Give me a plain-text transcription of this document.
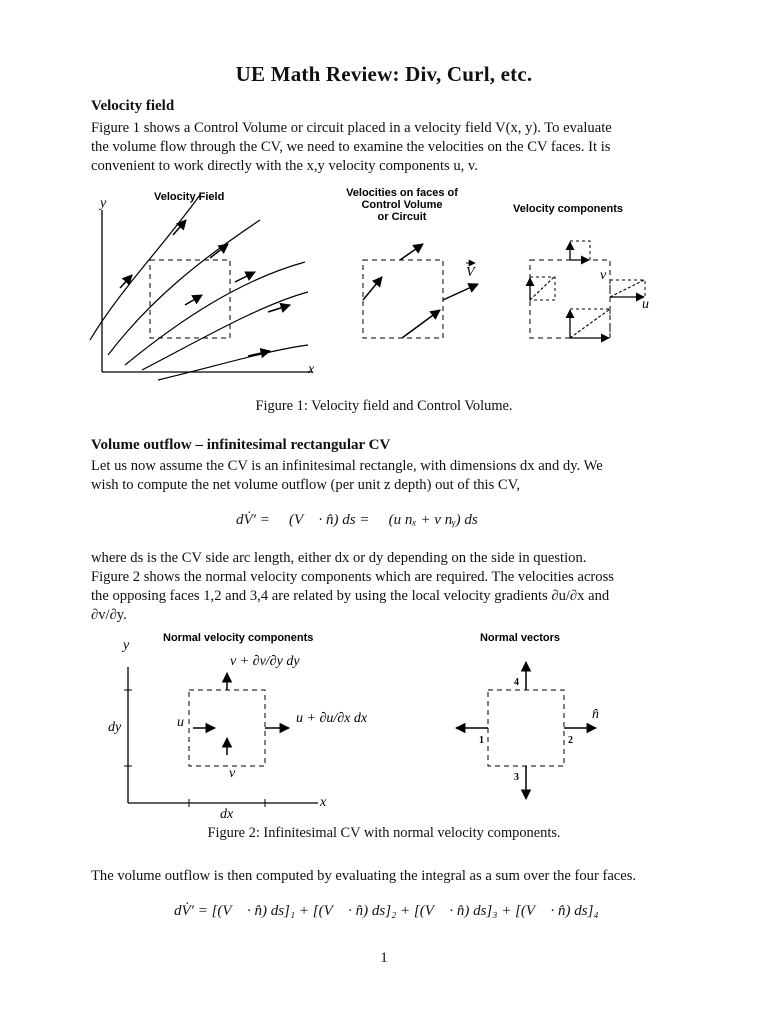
UE Math Review: Div, Curl, etc.
Velocity field

Figure 1 shows a Control Volume or circuit placed in a velocity field V(x, y). To evaluate

the volume flow through the CV, we need to examine the velocities on the CV faces. It is

convenient to work directly with the x,y velocity components u, v.

y
x
Velocity Field	Velocities on faces of
Control Volume
or Circuit
V
Velocity components
v
u
Figure 1: Velocity field and Control Volume.
Volume outflow – infinitesimal rectangular CV

Let us now assume the CV is an infinitesimal rectangle, with dimensions dx and dy. We

wish to compute the net volume outflow (per unit z depth) out of this CV,

dV̇′ = ∮ (V⃗ · n̂) ds = ∮ (u nₓ + v nᵧ) ds

where ds is the CV side arc length, either dx or dy depending on the side in question.

Figure 2 shows the normal velocity components which are required. The velocities across

the opposing faces 1,2 and 3,4 are related by using the local velocity gradients ∂u/∂x and

∂v/∂y.

Normal velocity components
y
x
dy
dx
u	u + ∂u/∂x dx
v
v + ∂v/∂y dy
Normal vectors
1	2
3
4
n̂
Figure 2: Infinitesimal CV with normal velocity components.

The volume outflow is then computed by evaluating the integral as a sum over the four faces.

dV̇′ = [(V⃗ · n̂) ds]₁ + [(V⃗ · n̂) ds]₂ + [(V⃗ · n̂) ds]₃ + [(V⃗ · n̂) ds]₄
1
